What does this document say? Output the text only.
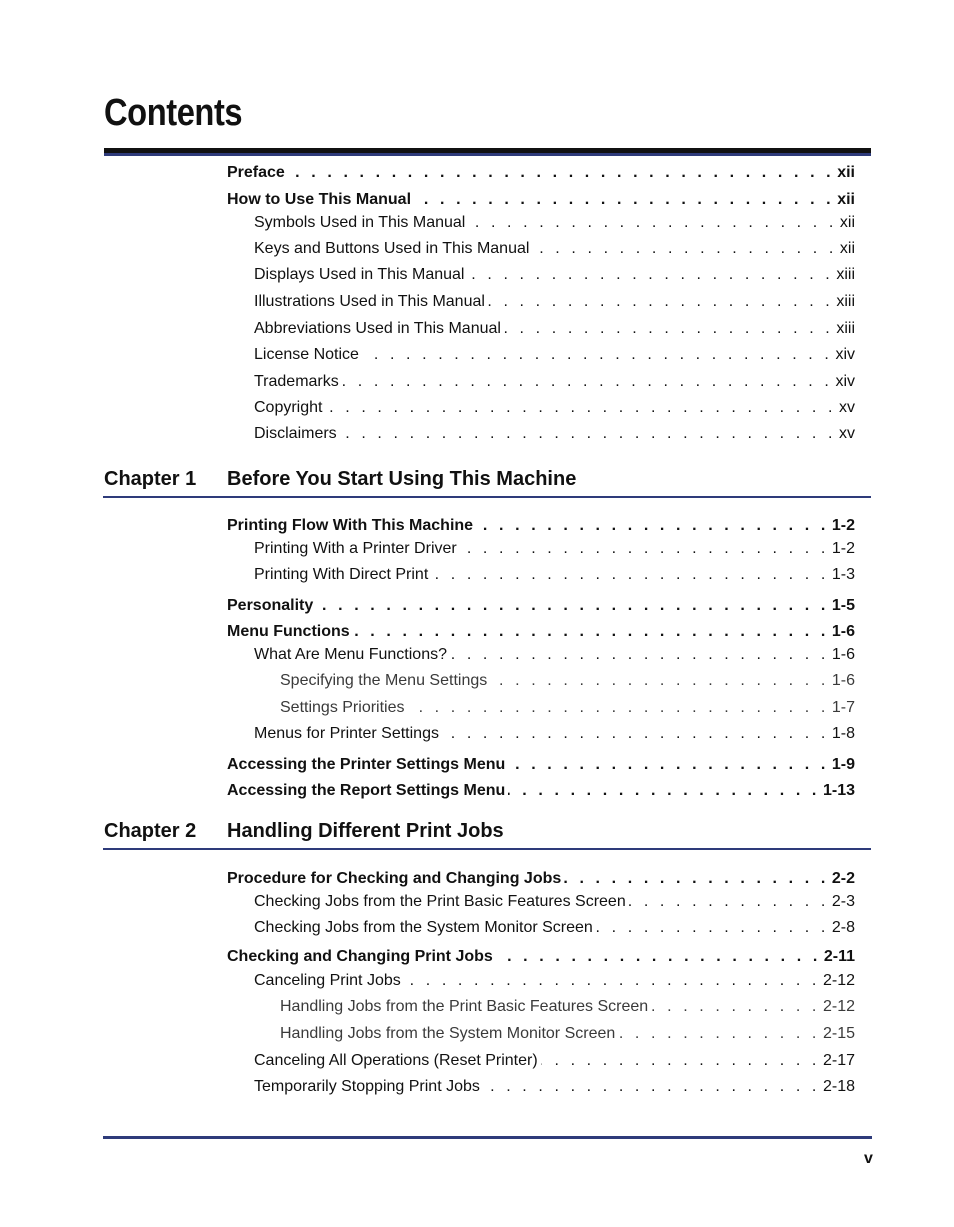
Contents
Preface . . .	xii
How to Use This Manual . . .	xii
Symbols Used in This Manual . . .	xii
Keys and Buttons Used in This Manual . . .	xii
Displays Used in This Manual . . .	xiii
Illustrations Used in This Manual . . .	xiii
Abbreviations Used in This Manual . . .	xiii
License Notice . . .	xiv
Trademarks . . .	xiv
Copyright . . .	xv
Disclaimers . . .	xv
Chapter 1 Before You Start Using This Machine
Printing Flow With This Machine . . .	1-2
Printing With a Printer Driver . . .	1-2
Printing With Direct Print . . .	1-3
Personality . . .	1-5
Menu Functions . . .	1-6
What Are Menu Functions? . . .	1-6
Specifying the Menu Settings . . .	1-6
Settings Priorities . . .	1-7
Menus for Printer Settings . . .	1-8
Accessing the Printer Settings Menu . . .	1-9
Accessing the Report Settings Menu . . .	1-13
Chapter 2 Handling Different Print Jobs
Procedure for Checking and Changing Jobs . . .	2-2
Checking Jobs from the Print Basic Features Screen . . .	2-3
Checking Jobs from the System Monitor Screen . . .	2-8
Checking and Changing Print Jobs . . .	2-11
Canceling Print Jobs . . .	2-12
Handling Jobs from the Print Basic Features Screen . . .	2-12
Handling Jobs from the System Monitor Screen . . .	2-15
Canceling All Operations (Reset Printer) . . .	2-17
Temporarily Stopping Print Jobs . . .	2-18
v
